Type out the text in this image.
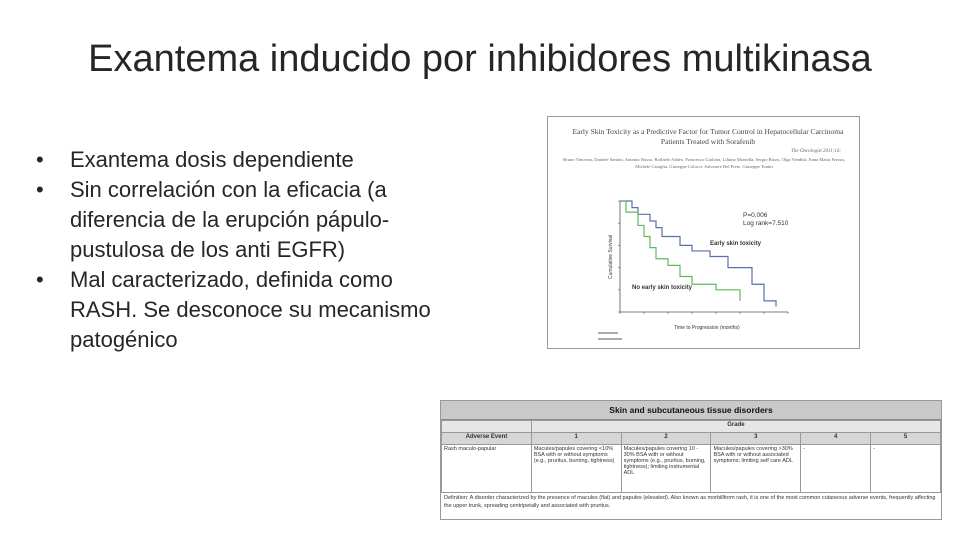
Exantema inducido por inhibidores multikinasa
• Exantema dosis dependiente
• Sin correlación con la eficacia (a diferencia de la erupción pápulo-pustulosa de los anti EGFR)
• Mal caracterizado, definida como RASH. Se desconoce su mecanismo patogénico
Early Skin Toxicity as a Predictive Factor for Tumor Control in Hepatocellular Carcinoma Patients Treated with Sorafenib
The Oncologist 2011;16:
Bruno Vincenzi, Daniele Santini, Antonio Russo, Raffaele Addeo, Francesco Giuliani, Liliana Montella, Sergio Rizzo, Olga Venditti, Anna Maria Frezza, Michele Caraglia, Giuseppe Colucci, Salvatore Del Prete, Giuseppe Tonini
P=0.006
Log rank=7.510
Early skin toxicity
No early skin toxicity
Time to Progression (months)
Cumulative Survival
Skin and subcutaneous tissue disorders
	Grade				
Adverse Event	1	2	3	4	5
Rash maculo-papular	Macules/papules covering <10% BSA with or without symptoms (e.g., pruritus, burning, tightness)	Macules/papules covering 10 - 30% BSA with or without symptoms (e.g., pruritus, burning, tightness); limiting instrumental ADL	Macules/papules covering >30% BSA with or without associated symptoms; limiting self care ADL	-	-
Definition: A disorder characterized by the presence of macules (flat) and papules (elevated). Also known as morbillform rash, it is one of the most common cutaneous adverse events, frequently affecting the upper trunk, spreading centripetally and associated with pruritus.
